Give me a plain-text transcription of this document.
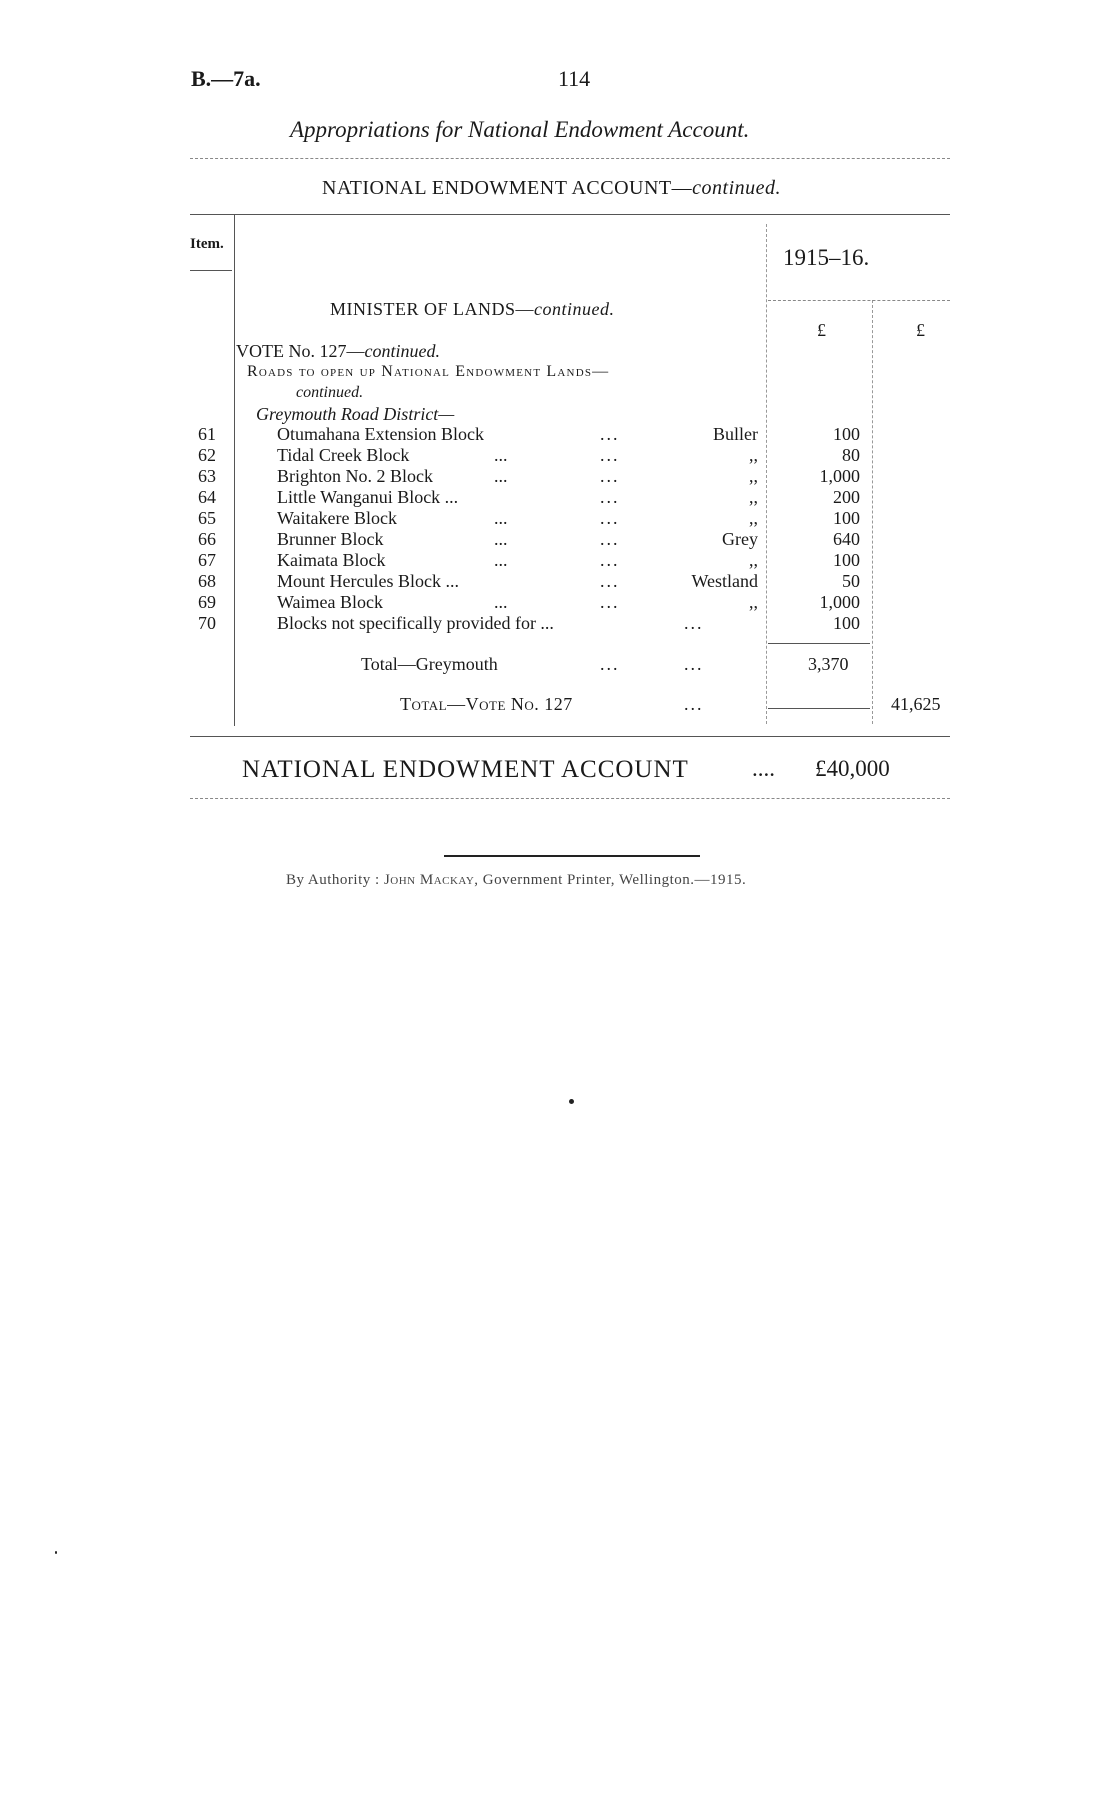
B.—7a.	114
Appropriations for National Endowment Account.
NATIONAL ENDOWMENT ACCOUNT—continued.
Item.
1915–16.
£	£
MINISTER OF LANDS—continued.
VOTE No. 127—continued.
Roads to open up National Endowment Lands—
continued.
Greymouth Road District—
61	Otumahana Extension Block	...	Buller	100
62	Tidal Creek Block	...	...	,,	80
63	Brighton No. 2 Block	...	...	,,	1,000
64	Little Wanganui Block ...	...	,,	200
65	Waitakere Block	...	...	,,	100
66	Brunner Block	...	...	Grey	640
67	Kaimata Block	...	...	,,	100
68	Mount Hercules Block ...	...	Westland	50
69	Waimea Block	...	...	,,	1,000
70	Blocks not specifically provided for ...	...	100
Total—Greymouth	...	...	3,370
Total—Vote No. 127	...	41,625
NATIONAL ENDOWMENT ACCOUNT	.... £40,000
By Authority : John Mackay, Government Printer, Wellington.—1915.
